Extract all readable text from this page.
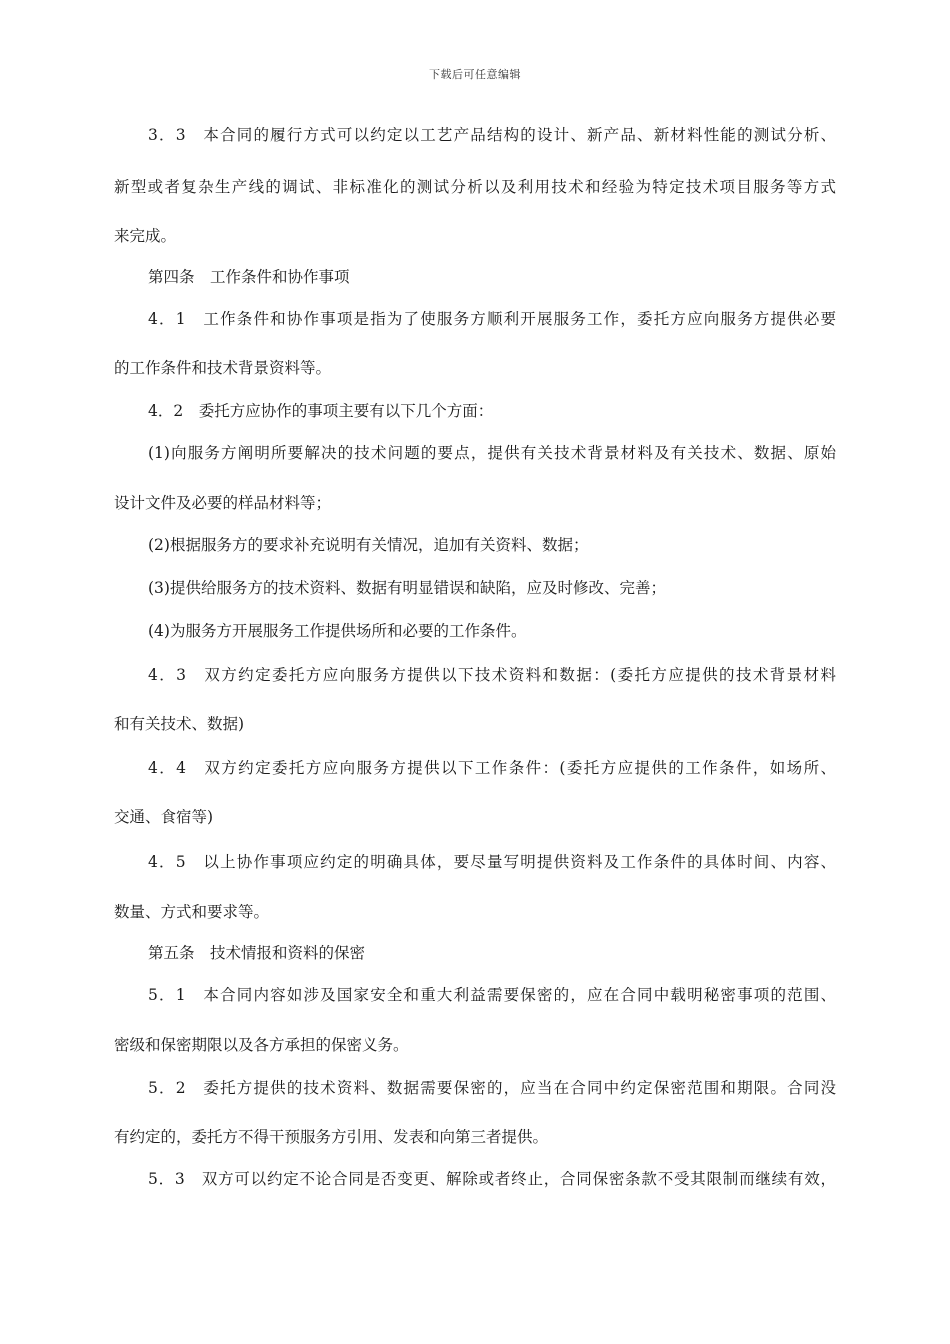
下载后可任意编辑
3．3　本合同的履行方式可以约定以工艺产品结构的设计、新产品、新材料性能的测试分析、
新型或者复杂生产线的调试、非标准化的测试分析以及利用技术和经验为特定技术项目服务等方式
来完成。
第四条　工作条件和协作事项
4．1　工作条件和协作事项是指为了使服务方顺利开展服务工作，委托方应向服务方提供必要
的工作条件和技术背景资料等。
4．2　委托方应协作的事项主要有以下几个方面：
(1)向服务方阐明所要解决的技术问题的要点，提供有关技术背景材料及有关技术、数据、原始
设计文件及必要的样品材料等；
(2)根据服务方的要求补充说明有关情况，追加有关资料、数据；
(3)提供给服务方的技术资料、数据有明显错误和缺陷，应及时修改、完善；
(4)为服务方开展服务工作提供场所和必要的工作条件。
4．3　双方约定委托方应向服务方提供以下技术资料和数据：(委托方应提供的技术背景材料
和有关技术、数据)
4．4　双方约定委托方应向服务方提供以下工作条件：(委托方应提供的工作条件，如场所、
交通、食宿等)
4．5　以上协作事项应约定的明确具体，要尽量写明提供资料及工作条件的具体时间、内容、
数量、方式和要求等。
第五条　技术情报和资料的保密
5．1　本合同内容如涉及国家安全和重大利益需要保密的，应在合同中载明秘密事项的范围、
密级和保密期限以及各方承担的保密义务。
5．2　委托方提供的技术资料、数据需要保密的，应当在合同中约定保密范围和期限。合同没
有约定的，委托方不得干预服务方引用、发表和向第三者提供。
5．3　双方可以约定不论合同是否变更、解除或者终止，合同保密条款不受其限制而继续有效，
